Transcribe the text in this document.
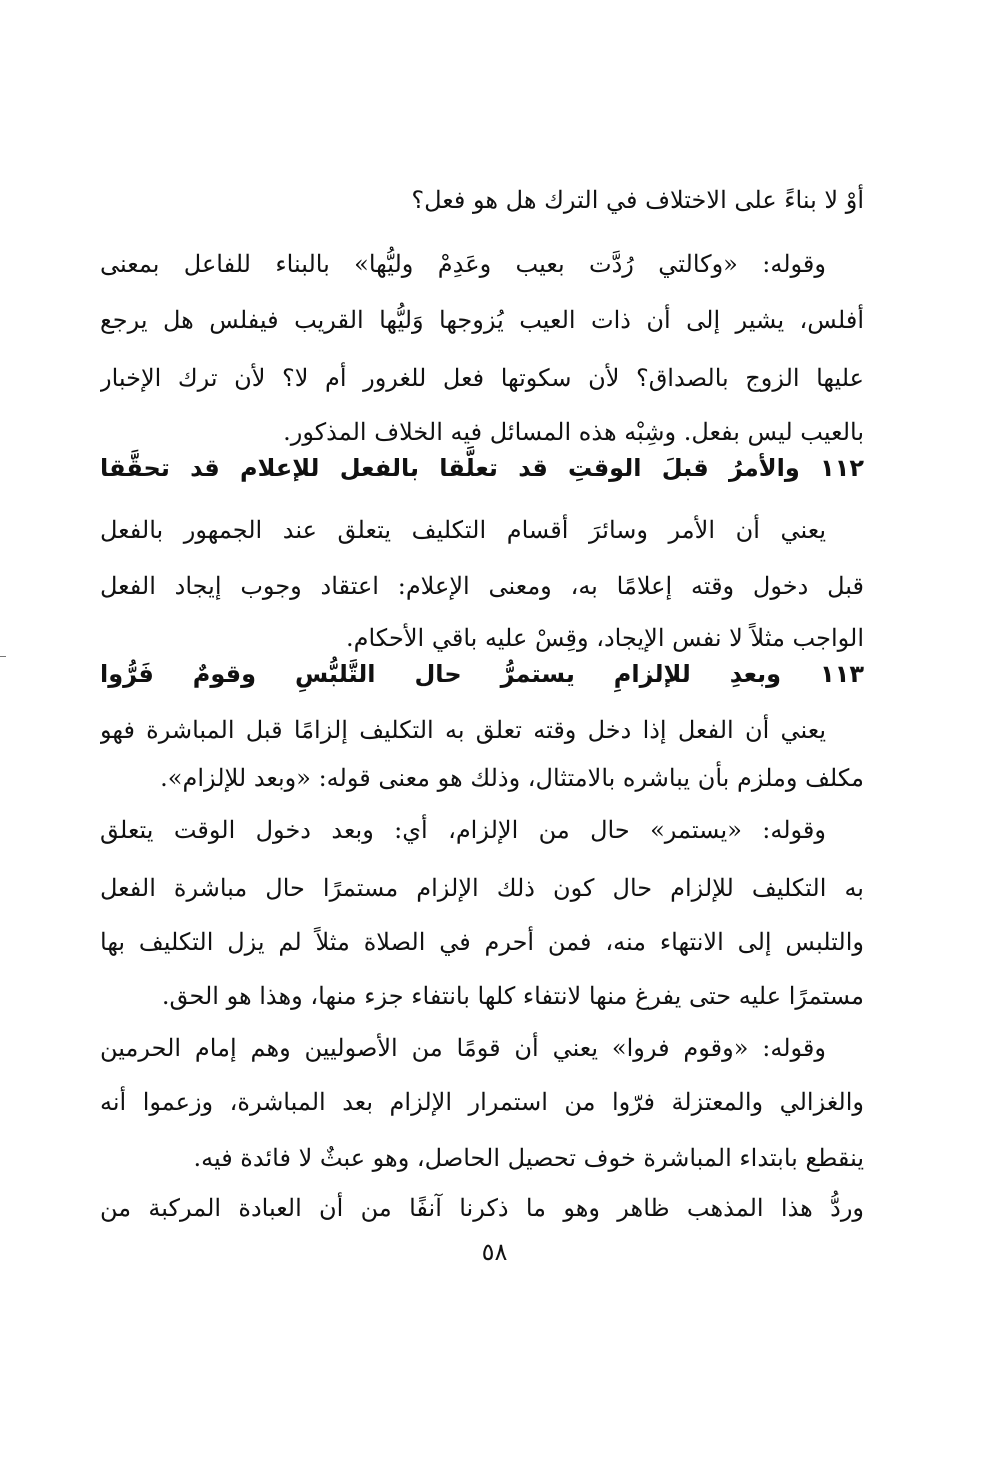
أوْ لا بناءً على الاختلاف في الترك هل هو فعل؟
وقوله: «وكالتي رُدَّت بعيب وعَدِمْ وليُّها» بالبناء للفاعل بمعنى
أفلس، يشير إلى أن ذات العيب يُزوجها وَليُّها القريب فيفلس هل يرجع
عليها الزوج بالصداق؟ لأن سكوتها فعل للغرور أم لا؟ لأن ترك الإخبار
بالعيب ليس بفعل. وشِبْه هذه المسائل فيه الخلاف المذكور.
١١٢ والأمرُ قبلَ الوقتِ قد تعلَّقا بالفعل للإعلام قد تحقَّقا
يعني أن الأمر وسائرَ أقسام التكليف يتعلق عند الجمهور بالفعل
قبل دخول وقته إعلامًا به، ومعنى الإعلام: اعتقاد وجوب إيجاد الفعل
الواجب مثلاً لا نفس الإيجاد، وقِسْ عليه باقي الأحكام.
١١٣ وبعدِ للإلزامِ يستمرُّ حال التَّلبُّسِ وقومٌ فَرُّوا
يعني أن الفعل إذا دخل وقته تعلق به التكليف إلزامًا قبل المباشرة فهو
مكلف وملزم بأن يباشره بالامتثال، وذلك هو معنى قوله: «وبعد للإلزام».
وقوله: «يستمر» حال من الإلزام، أي: وبعد دخول الوقت يتعلق
به التكليف للإلزام حال كون ذلك الإلزام مستمرًا حال مباشرة الفعل
والتلبس إلى الانتهاء منه، فمن أحرم في الصلاة مثلاً لم يزل التكليف بها
مستمرًا عليه حتى يفرغ منها لانتفاء كلها بانتفاء جزء منها، وهذا هو الحق.
وقوله: «وقوم فروا» يعني أن قومًا من الأصوليين وهم إمام الحرمين
والغزالي والمعتزلة فرّوا من استمرار الإلزام بعد المباشرة، وزعموا أنه
ينقطع بابتداء المباشرة خوف تحصيل الحاصل، وهو عبثٌ لا فائدة فيه.
وردُّ هذا المذهب ظاهر وهو ما ذكرنا آنفًا من أن العبادة المركبة من
٥٨
